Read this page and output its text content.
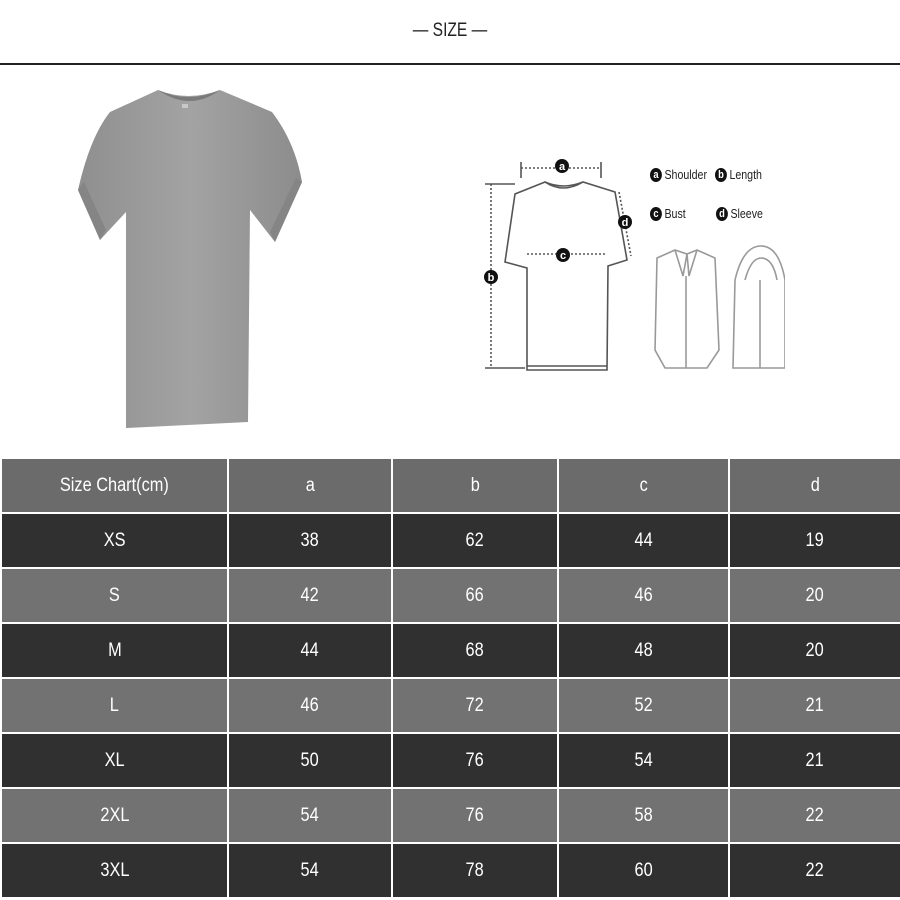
— SIZE —
a
b
c
d
a Shoulder b Length
c Bust	d Sleeve
Size Chart(cm)	a	b	c	d
XS	38	62	44	19
S	42	66	46	20
M	44	68	48	20
L	46	72	52	21
XL	50	76	54	21
2XL	54	76	58	22
3XL	54	78	60	22
